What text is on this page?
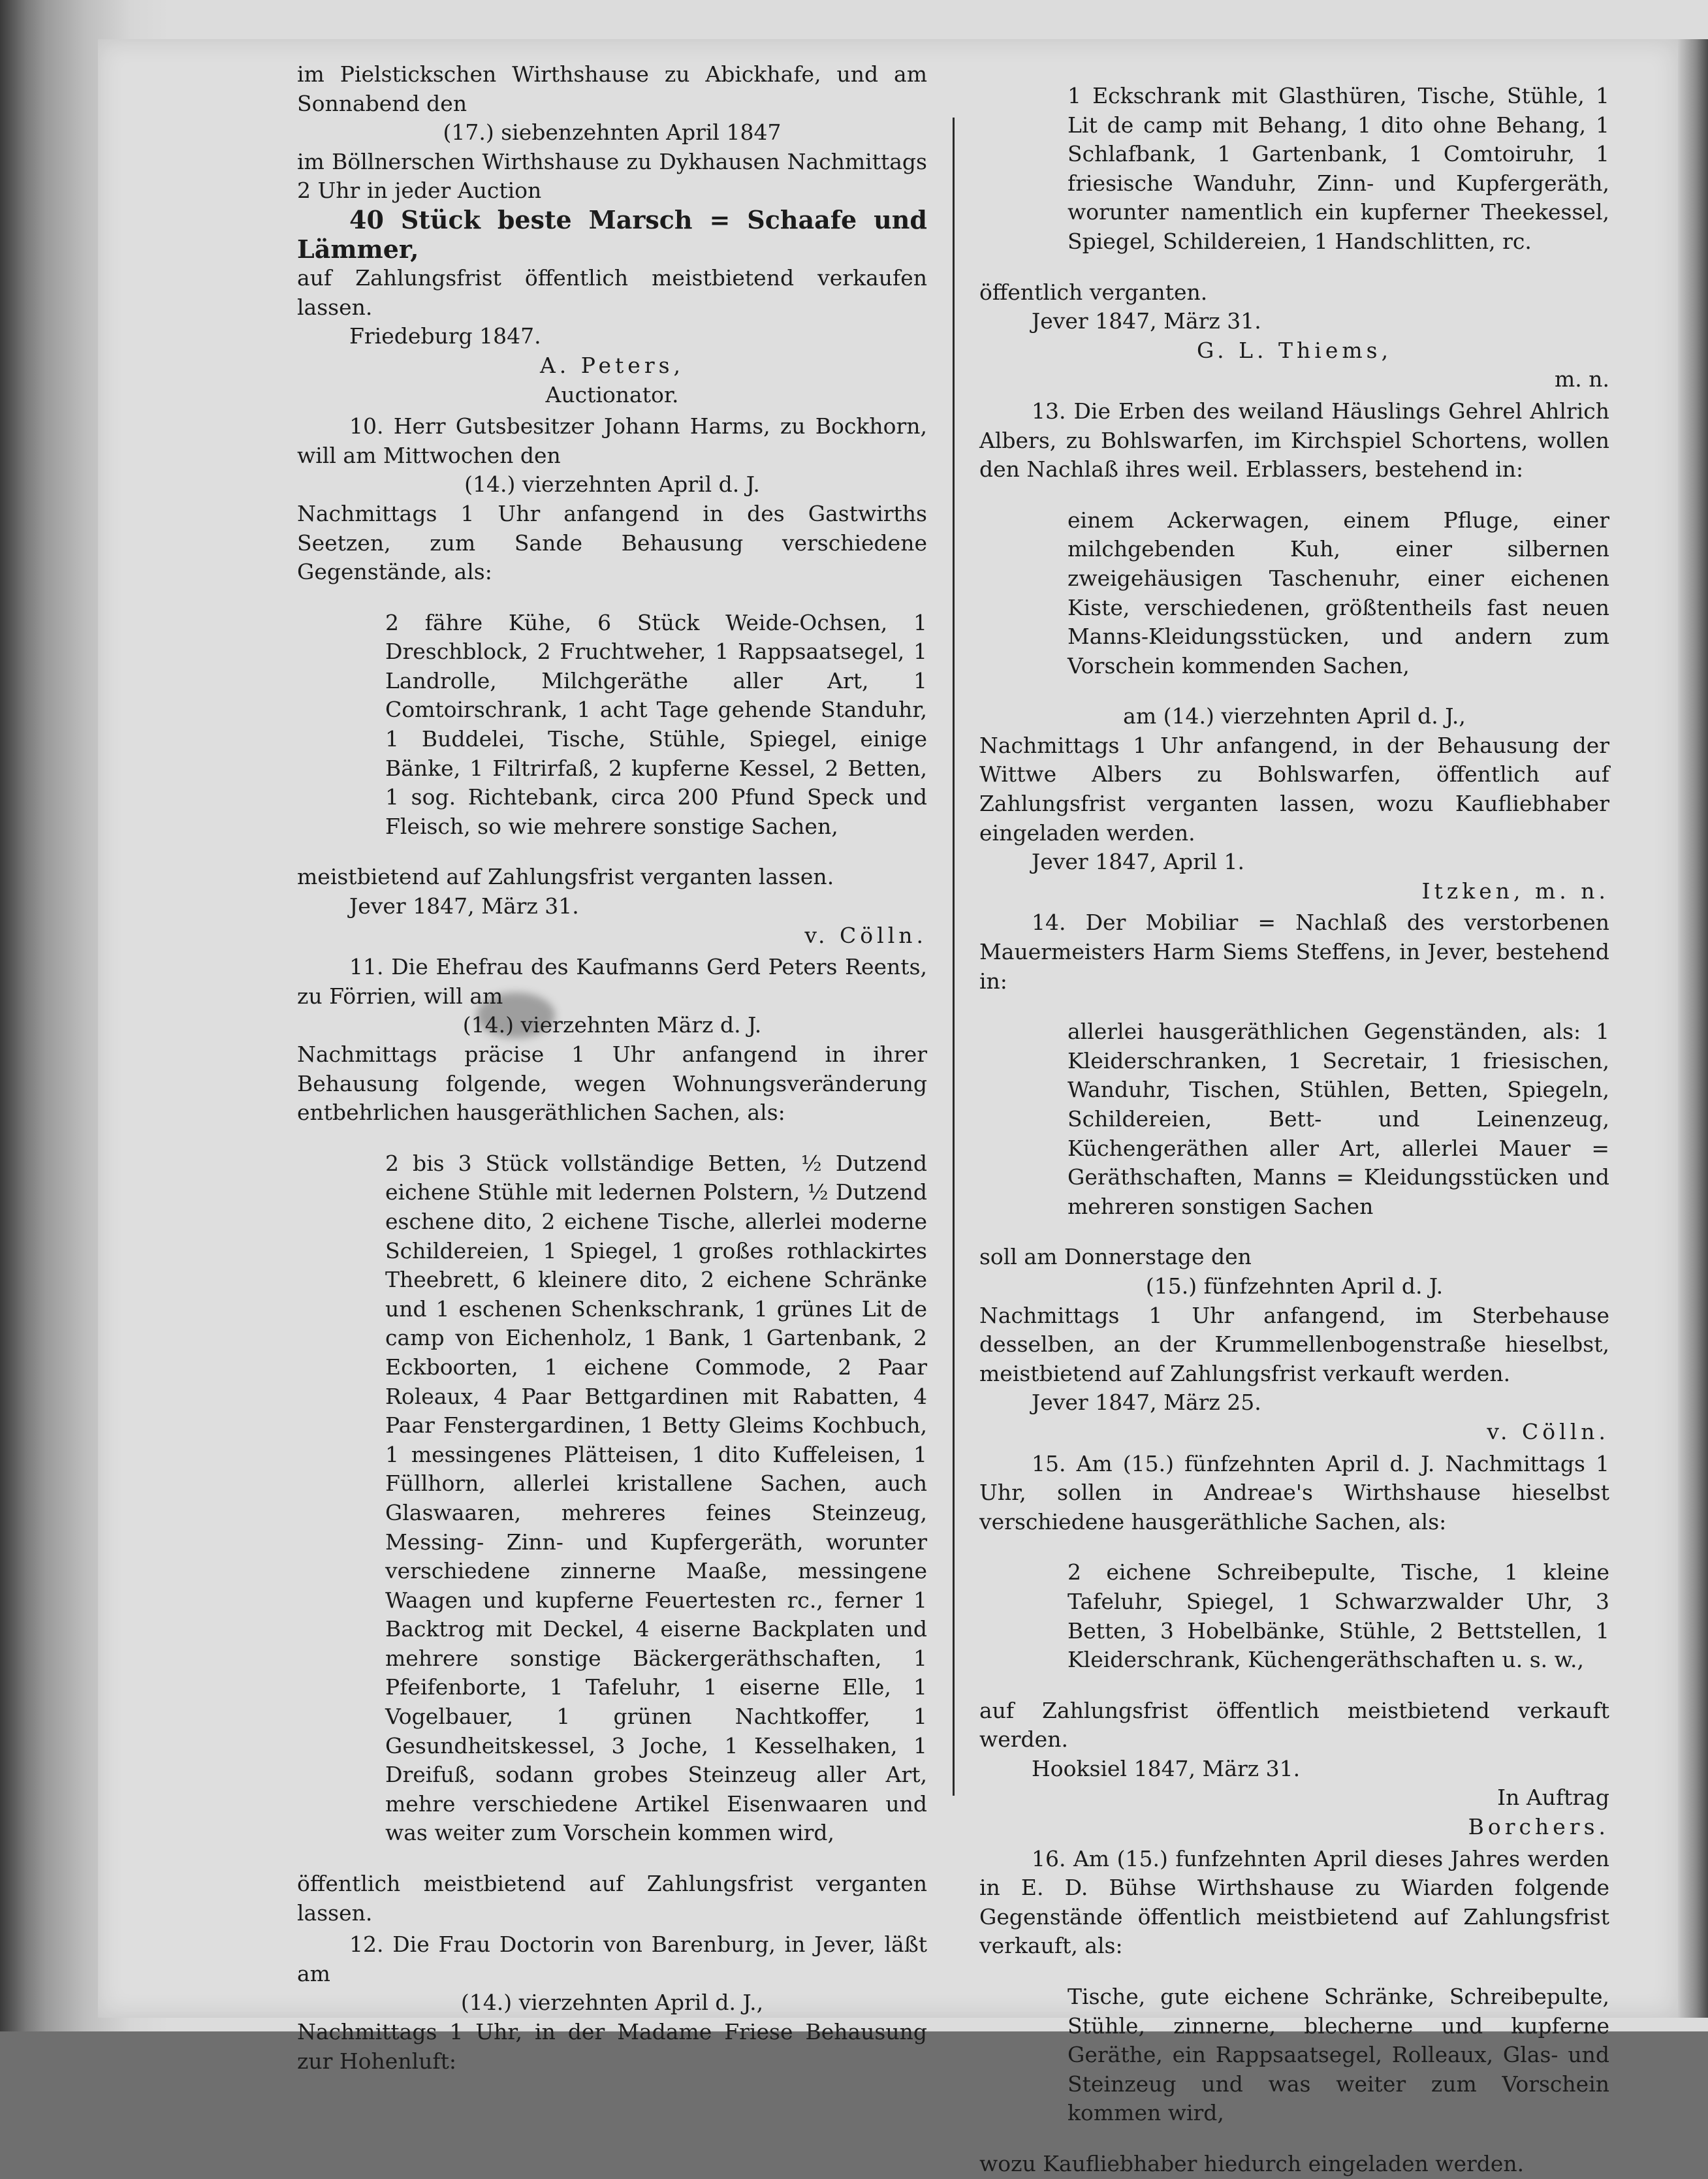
im Pielstickschen Wirthshause zu Abickhafe, und am Sonnabend den

(17.) siebenzehnten April 1847

im Böllnerschen Wirthshause zu Dykhausen Nachmittags 2 Uhr in jeder Auction

40 Stück beste Marsch = Schaafe und Lämmer,

auf Zahlungsfrist öffentlich meistbietend verkaufen lassen.

Friedeburg 1847.

A. Peters,

Auctionator.

10. Herr Gutsbesitzer Johann Harms, zu Bockhorn, will am Mittwochen den

(14.) vierzehnten April d. J.

Nachmittags 1 Uhr anfangend in des Gastwirths Seetzen, zum Sande Behausung verschiedene Gegenstände, als:

2 fähre Kühe, 6 Stück Weide-Ochsen, 1 Dreschblock, 2 Fruchtweher, 1 Rappsaatsegel, 1 Landrolle, Milchgeräthe aller Art, 1 Comtoirschrank, 1 acht Tage gehende Standuhr, 1 Buddelei, Tische, Stühle, Spiegel, einige Bänke, 1 Filtrirfaß, 2 kupferne Kessel, 2 Betten, 1 sog. Richtebank, circa 200 Pfund Speck und Fleisch, so wie mehrere sonstige Sachen,

meistbietend auf Zahlungsfrist verganten lassen.

Jever 1847, März 31.

v. Cölln.

11. Die Ehefrau des Kaufmanns Gerd Peters Reents, zu Förrien, will am

(14.) vierzehnten März d. J.

Nachmittags präcise 1 Uhr anfangend in ihrer Behausung folgende, wegen Wohnungsveränderung entbehrlichen hausgeräthlichen Sachen, als:

2 bis 3 Stück vollständige Betten, ½ Dutzend eichene Stühle mit ledernen Polstern, ½ Dutzend eschene dito, 2 eichene Tische, allerlei moderne Schildereien, 1 Spiegel, 1 großes rothlackirtes Theebrett, 6 kleinere dito, 2 eichene Schränke und 1 eschenen Schenkschrank, 1 grünes Lit de camp von Eichenholz, 1 Bank, 1 Gartenbank, 2 Eckboorten, 1 eichene Commode, 2 Paar Roleaux, 4 Paar Bettgardinen mit Rabatten, 4 Paar Fenstergardinen, 1 Betty Gleims Kochbuch, 1 messingenes Plätteisen, 1 dito Kuffeleisen, 1 Füllhorn, allerlei kristallene Sachen, auch Glaswaaren, mehreres feines Steinzeug, Messing- Zinn- und Kupfergeräth, worunter verschiedene zinnerne Maaße, messingene Waagen und kupferne Feuertesten rc., ferner 1 Backtrog mit Deckel, 4 eiserne Backplaten und mehrere sonstige Bäckergeräthschaften, 1 Pfeifenborte, 1 Tafeluhr, 1 eiserne Elle, 1 Vogelbauer, 1 grünen Nachtkoffer, 1 Gesundheitskessel, 3 Joche, 1 Kesselhaken, 1 Dreifuß, sodann grobes Steinzeug aller Art, mehre verschiedene Artikel Eisenwaaren und was weiter zum Vorschein kommen wird,

öffentlich meistbietend auf Zahlungsfrist verganten lassen.

12. Die Frau Doctorin von Barenburg, in Jever, läßt am

(14.) vierzehnten April d. J.,

Nachmittags 1 Uhr, in der Madame Friese Behausung zur Hohenluft:

1 Eckschrank mit Glasthüren, Tische, Stühle, 1 Lit de camp mit Behang, 1 dito ohne Behang, 1 Schlafbank, 1 Gartenbank, 1 Comtoiruhr, 1 friesische Wanduhr, Zinn- und Kupfergeräth, worunter namentlich ein kupferner Theekessel, Spiegel, Schildereien, 1 Handschlitten, rc.

öffentlich verganten.

Jever 1847, März 31.

G. L. Thiems,

m. n.

13. Die Erben des weiland Häuslings Gehrel Ahlrich Albers, zu Bohlswarfen, im Kirchspiel Schortens, wollen den Nachlaß ihres weil. Erblassers, bestehend in:

einem Ackerwagen, einem Pfluge, einer milchgebenden Kuh, einer silbernen zweigehäusigen Taschenuhr, einer eichenen Kiste, verschiedenen, größtentheils fast neuen Manns-Kleidungsstücken, und andern zum Vorschein kommenden Sachen,

am (14.) vierzehnten April d. J.,

Nachmittags 1 Uhr anfangend, in der Behausung der Wittwe Albers zu Bohlswarfen, öffentlich auf Zahlungsfrist verganten lassen, wozu Kaufliebhaber eingeladen werden.

Jever 1847, April 1.

Itzken, m. n.

14. Der Mobiliar = Nachlaß des verstorbenen Mauermeisters Harm Siems Steffens, in Jever, bestehend in:

allerlei hausgeräthlichen Gegenständen, als: 1 Kleiderschranken, 1 Secretair, 1 friesischen, Wanduhr, Tischen, Stühlen, Betten, Spiegeln, Schildereien, Bett- und Leinenzeug, Küchengeräthen aller Art, allerlei Mauer = Geräthschaften, Manns = Kleidungsstücken und mehreren sonstigen Sachen

soll am Donnerstage den

(15.) fünfzehnten April d. J.

Nachmittags 1 Uhr anfangend, im Sterbehause desselben, an der Krummellenbogenstraße hieselbst, meistbietend auf Zahlungsfrist verkauft werden.

Jever 1847, März 25.

v. Cölln.

15. Am (15.) fünfzehnten April d. J. Nachmittags 1 Uhr, sollen in Andreae's Wirthshause hieselbst verschiedene hausgeräthliche Sachen, als:

2 eichene Schreibepulte, Tische, 1 kleine Tafeluhr, Spiegel, 1 Schwarzwalder Uhr, 3 Betten, 3 Hobelbänke, Stühle, 2 Bettstellen, 1 Kleiderschrank, Küchengeräthschaften u. s. w.,

auf Zahlungsfrist öffentlich meistbietend verkauft werden.

Hooksiel 1847, März 31.

In Auftrag

Borchers.

16. Am (15.) funfzehnten April dieses Jahres werden in E. D. Bühse Wirthshause zu Wiarden folgende Gegenstände öffentlich meistbietend auf Zahlungsfrist verkauft, als:

Tische, gute eichene Schränke, Schreibepulte, Stühle, zinnerne, blecherne und kupferne Geräthe, ein Rappsaatsegel, Rolleaux, Glas- und Steinzeug und was weiter zum Vorschein kommen wird,

wozu Kaufliebhaber hiedurch eingeladen werden.
